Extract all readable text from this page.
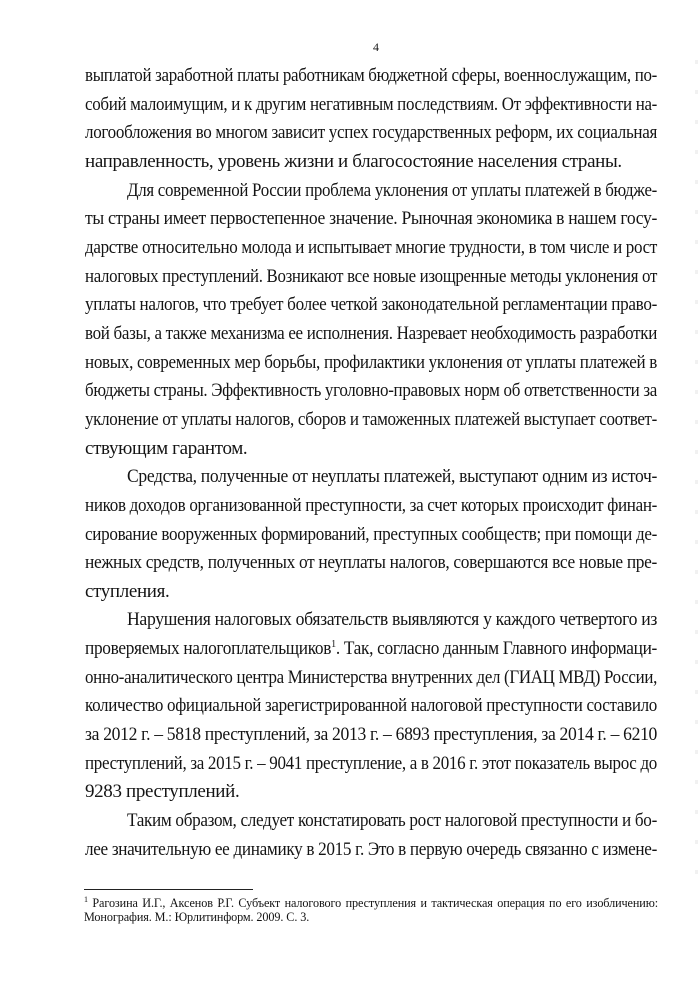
4

выплатой заработной платы работникам бюджетной сферы, военнослужащим, по-
собий малоимущим, и к другим негативным последствиям. От эффективности на-
логообложения во многом зависит успех государственных реформ, их социальная
направленность, уровень жизни и благосостояние населения страны.

Для современной России проблема уклонения от уплаты платежей в бюдже-
ты страны имеет первостепенное значение. Рыночная экономика в нашем госу-
дарстве относительно молода и испытывает многие трудности, в том числе и рост
налоговых преступлений. Возникают все новые изощренные методы уклонения от
уплаты налогов, что требует более четкой законодательной регламентации право-
вой базы, а также механизма ее исполнения. Назревает необходимость разработки
новых, современных мер борьбы, профилактики уклонения от уплаты платежей в
бюджеты страны. Эффективность уголовно-правовых норм об ответственности за
уклонение от уплаты налогов, сборов и таможенных платежей выступает соответ-
ствующим гарантом.

Средства, полученные от неуплаты платежей, выступают одним из источ-
ников доходов организованной преступности, за счет которых происходит финан-
сирование вооруженных формирований, преступных сообществ; при помощи де-
нежных средств, полученных от неуплаты налогов, совершаются все новые пре-
ступления.

Нарушения налоговых обязательств выявляются у каждого четвертого из
проверяемых налогоплательщиков$^1$. Так, согласно данным Главного информаци-
онно-аналитического центра Министерства внутренних дел (ГИАЦ МВД) России,
количество официальной зарегистрированной налоговой преступности составило
за 2012 г. – 5818 преступлений, за 2013 г. – 6893 преступления, за 2014 г. – 6210
преступлений, за 2015 г. – 9041 преступление, а в 2016 г. этот показатель вырос до
9283 преступлений.

Таким образом, следует констатировать рост налоговой преступности и бо-
лее значительную ее динамику в 2015 г. Это в первую очередь связанно с измене-

$^1$ Рагозина И.Г., Аксенов Р.Г. Субъект налогового преступления и тактическая операция по его изобличению: Монография. М.: Юрлитинформ. 2009. С. 3.
